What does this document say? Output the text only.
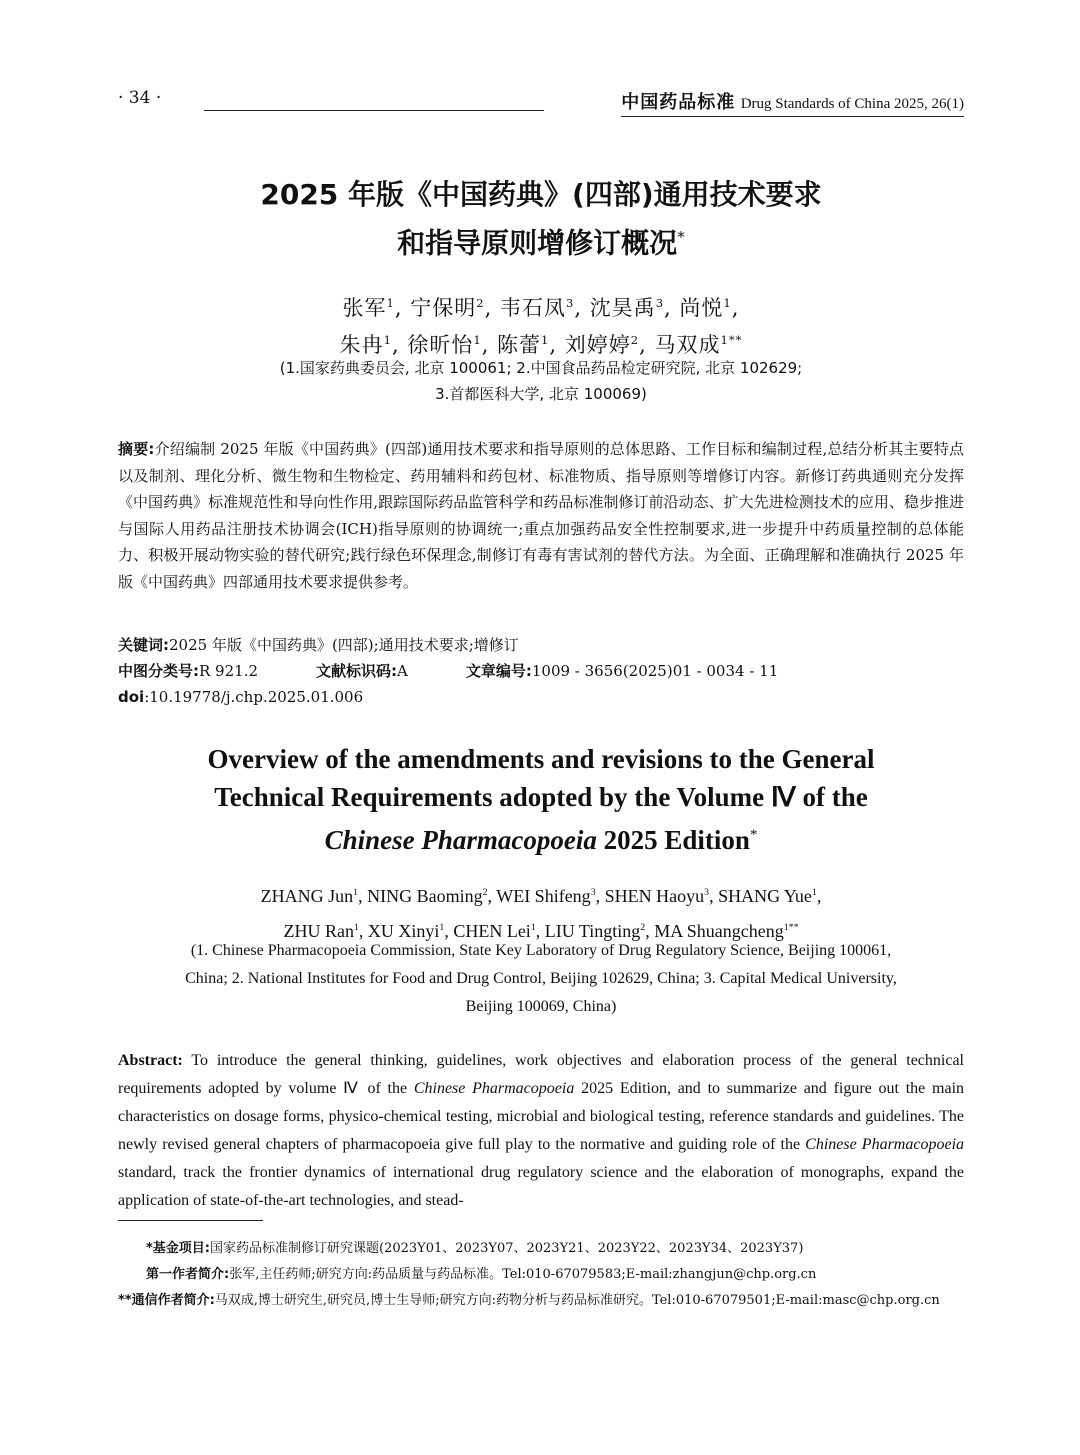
· 34 ·	中国药品标准 Drug Standards of China 2025, 26(1)
2025 年版《中国药典》(四部)通用技术要求
和指导原则增修订概况*
张军$^1$, 宁保明$^2$, 韦石凤$^3$, 沈昊禹$^3$, 尚悦$^1$,
朱冉$^1$, 徐昕怡$^1$, 陈蕾$^1$, 刘婷婷$^2$, 马双成$^{1**}$
(1.国家药典委员会, 北京 100061; 2.中国食品药品检定研究院, 北京 102629;
3.首都医科大学, 北京 100069)
摘要:介绍编制 2025 年版《中国药典》(四部)通用技术要求和指导原则的总体思路、工作目标和编制过程,总结分析其主要特点以及制剂、理化分析、微生物和生物检定、药用辅料和药包材、标准物质、指导原则等增修订内容。新修订药典通则充分发挥《中国药典》标准规范性和导向性作用,跟踪国际药品监管科学和药品标准制修订前沿动态、扩大先进检测技术的应用、稳步推进与国际人用药品注册技术协调会(ICH)指导原则的协调统一;重点加强药品安全性控制要求,进一步提升中药质量控制的总体能力、积极开展动物实验的替代研究;践行绿色环保理念,制修订有毒有害试剂的替代方法。为全面、正确理解和准确执行 2025 年版《中国药典》四部通用技术要求提供参考。
关键词:2025 年版《中国药典》(四部);通用技术要求;增修订
中图分类号:R 921.2	文献标识码:A	文章编号:1009 - 3656(2025)01 - 0034 - 11
doi:10.19778/j.chp.2025.01.006
Overview of the amendments and revisions to the General
Technical Requirements adopted by the Volume Ⅳ of the
Chinese Pharmacopoeia 2025 Edition*
ZHANG Jun$^1$, NING Baoming$^2$, WEI Shifeng$^3$, SHEN Haoyu$^3$, SHANG Yue$^1$,
ZHU Ran$^1$, XU Xinyi$^1$, CHEN Lei$^1$, LIU Tingting$^2$, MA Shuangcheng$^{1**}$
(1. Chinese Pharmacopoeia Commission, State Key Laboratory of Drug Regulatory Science, Beijing 100061,
China; 2. National Institutes for Food and Drug Control, Beijing 102629, China; 3. Capital Medical University,
Beijing 100069, China)
Abstract: To introduce the general thinking, guidelines, work objectives and elaboration process of the general technical requirements adopted by volume Ⅳ of the Chinese Pharmacopoeia 2025 Edition, and to summarize and figure out the main characteristics on dosage forms, physico-chemical testing, microbial and biological testing, reference standards and guidelines. The newly revised general chapters of pharmacopoeia give full play to the normative and guiding role of the Chinese Pharmacopoeia standard, track the frontier dynamics of international drug regulatory science and the elaboration of monographs, expand the application of state-of-the-art technologies, and stead-
*基金项目:国家药品标准制修订研究课题(2023Y01、2023Y07、2023Y21、2023Y22、2023Y34、2023Y37)
第一作者简介:张军,主任药师;研究方向:药品质量与药品标准。Tel:010-67079583;E-mail:zhangjun@chp.org.cn
**通信作者简介:马双成,博士研究生,研究员,博士生导师;研究方向:药物分析与药品标准研究。Tel:010-67079501;E-mail:masc@chp.org.cn
